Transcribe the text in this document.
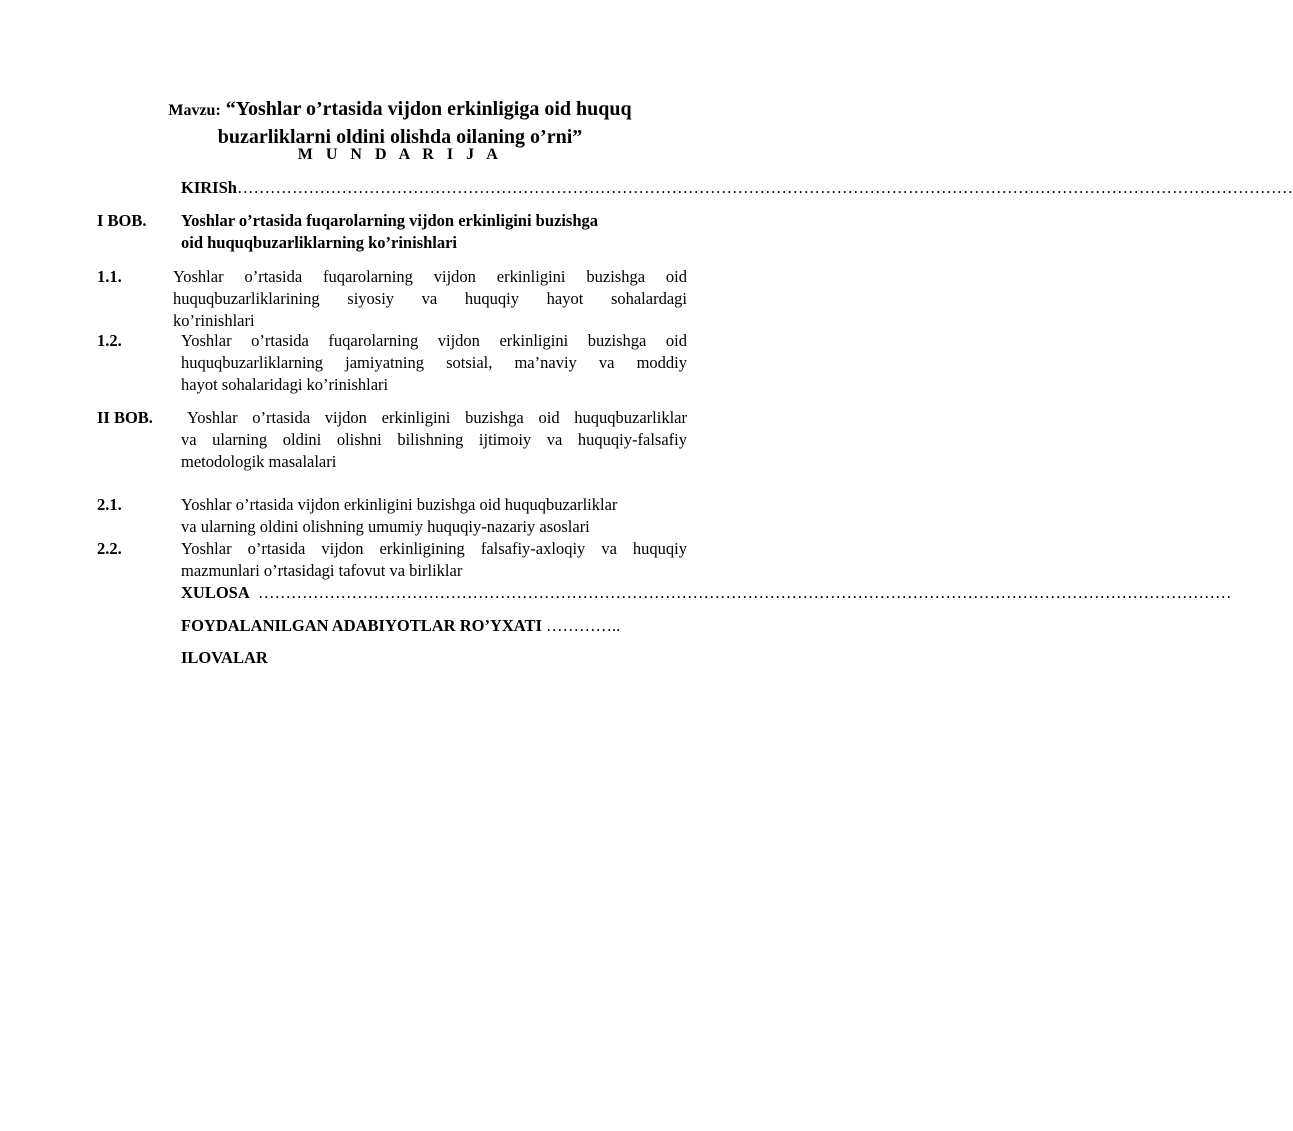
Mavzu: “Yoshlar o’rtasida vijdon erkinligiga oid huquq
buzarliklarni oldini olishda oilaning o’rni”
M U N D A R I J A
KIRISh…………………………………………………………………………………………………………………………………………………………………………
I BOB. Yoshlar o’rtasida fuqarolarning vijdon erkinligini buzishga
oid huquqbuzarliklarning ko’rinishlari
1.1.	Yoshlar o’rtasida fuqarolarning vijdon erkinligini buzishga oid
huquqbuzarliklarining siyosiy va huquqiy hayot sohalardagi
ko’rinishlari
1.2.	Yoshlar o’rtasida fuqarolarning vijdon erkinligini buzishga oid
huquqbuzarliklarning jamiyatning sotsial, ma’naviy va moddiy
hayot sohalaridagi ko’rinishlari
II BOB.	Yoshlar o’rtasida vijdon erkinligini buzishga oid huquqbuzarliklar
va ularning oldini olishni bilishning ijtimoiy va huquqiy-falsafiy
metodologik masalalari
2.1.	Yoshlar o’rtasida vijdon erkinligini buzishga oid huquqbuzarliklar
va ularning oldini olishning umumiy huquqiy-nazariy asoslari
2.2.	Yoshlar o’rtasida vijdon erkinligining falsafiy-axloqiy va huquqiy
mazmunlari o’rtasidagi tafovut va birliklar
XULOSA ……………………………………………………………………………………………………………………………………………………………
FOYDALANILGAN ADABIYOTLAR RO’YXATI …………..
ILOVALAR
